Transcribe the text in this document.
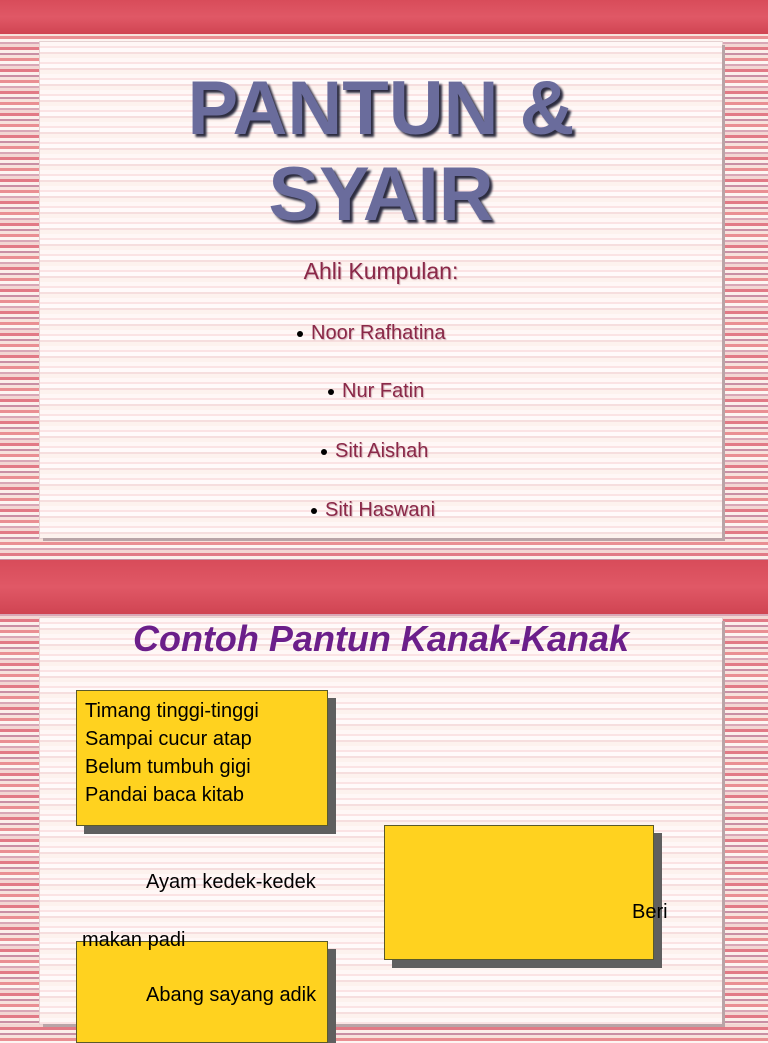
PANTUN &
SYAIR
Ahli Kumpulan:
Noor Rafhatina
Nur Fatin
Siti Aishah
Siti Haswani
Contoh Pantun Kanak-Kanak
Timang tinggi-tinggi
Sampai cucur atap
Belum tumbuh gigi
Pandai baca kitab
Ayam kedek-kedek
Beri
makan padi
Abang sayang adik
